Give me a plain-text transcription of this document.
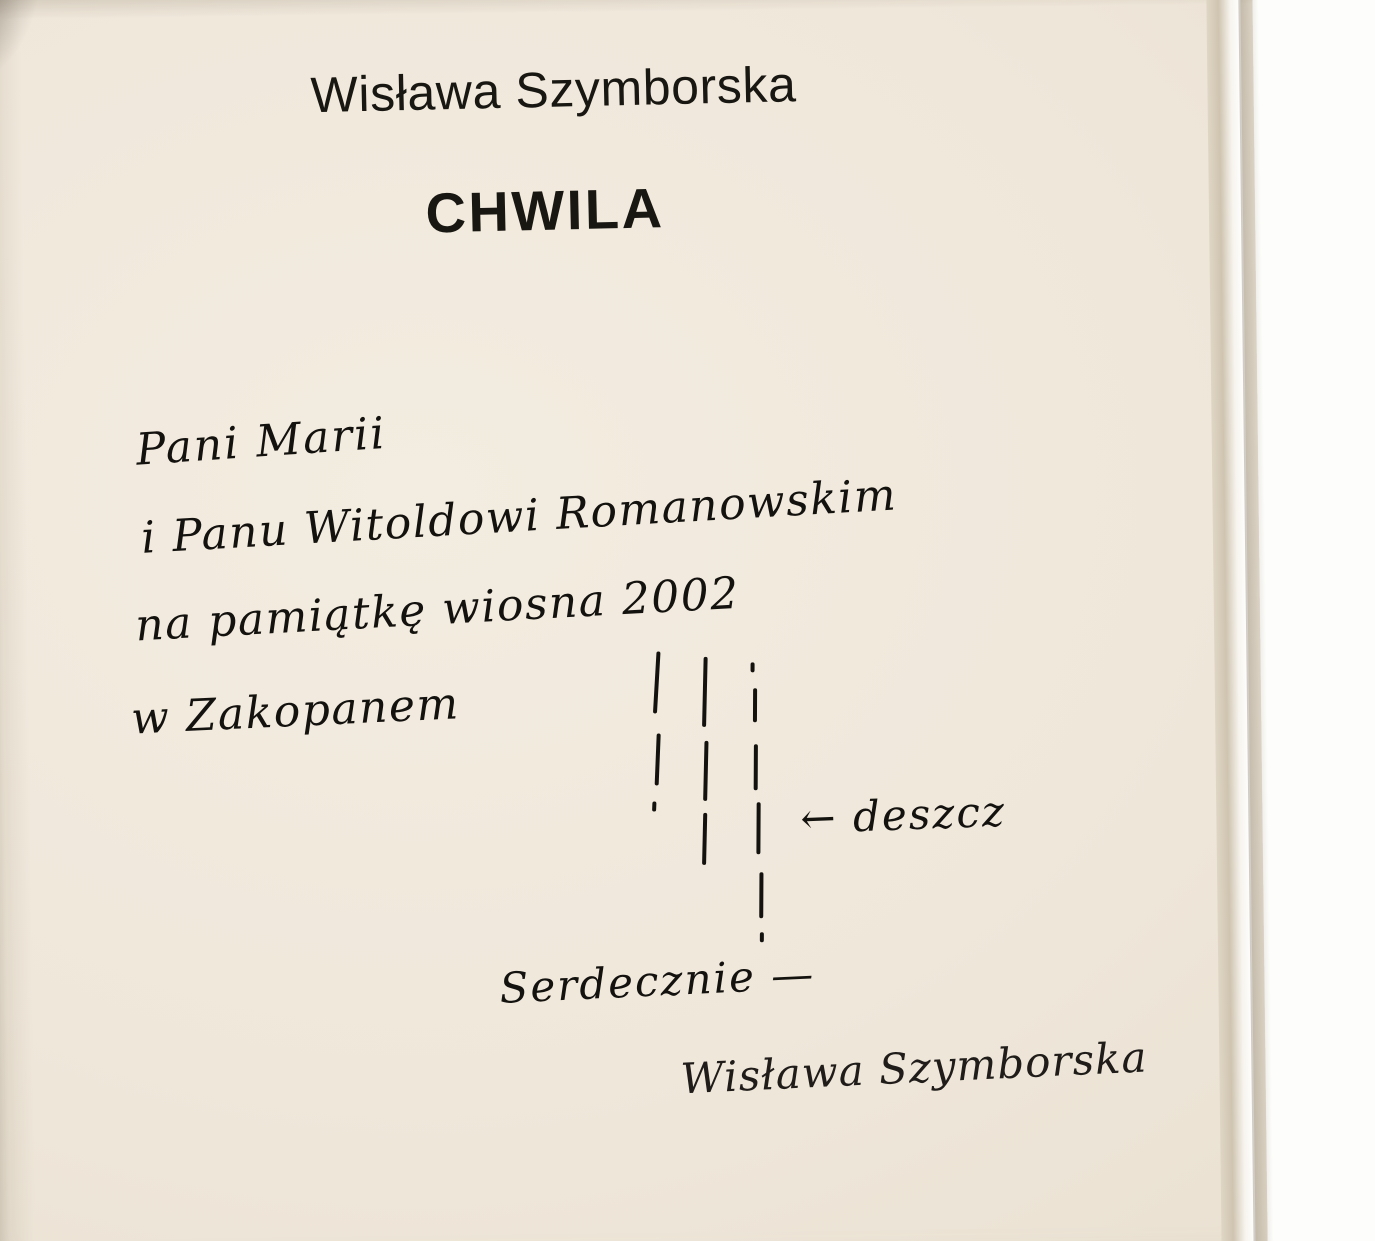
Wisława Szymborska
CHWILA
Pani Marii
i Panu Witoldowi Romanowskim
na pamiątkę wiosna 2002
w Zakopanem
← deszcz
Serdecznie —
Wisława Szymborska
